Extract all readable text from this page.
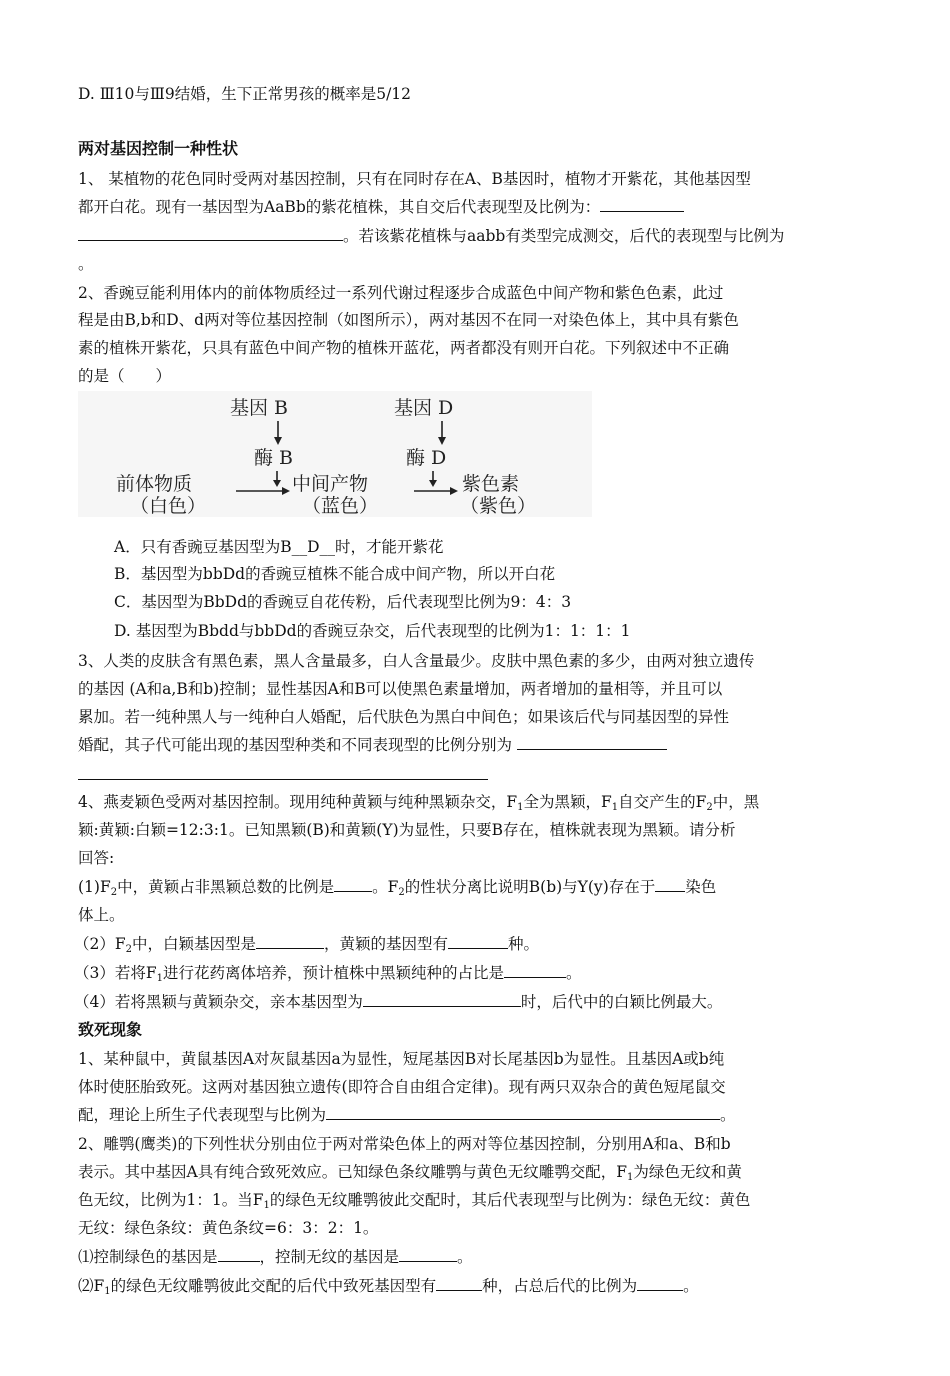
D. Ⅲ10与Ⅲ9结婚，生下正常男孩的概率是5/12
两对基因控制一种性状
1、 某植物的花色同时受两对基因控制，只有在同时存在A、B基因时，植物才开紫花，其他基因型
都开白花。现有一基因型为AaBb的紫花植株，其自交后代表现型及比例为：
。若该紫花植株与aabb有类型完成测交，后代的表现型与比例为
。
2、香豌豆能利用体内的前体物质经过一系列代谢过程逐步合成蓝色中间产物和紫色色素，此过
程是由B,b和D、d两对等位基因控制（如图所示），两对基因不在同一对染色体上，其中具有紫色
素的植株开紫花，只具有蓝色中间产物的植株开蓝花，两者都没有则开白花。下列叙述中不正确
的是（　　）
基因 B	基因 D
酶 B	酶 D
前体物质	中间产物	紫色素
（白色）	（蓝色）	（紫色）
A．只有香豌豆基因型为B__D__时，才能开紫花
B．基因型为bbDd的香豌豆植株不能合成中间产物，所以开白花
C．基因型为BbDd的香豌豆自花传粉，后代表现型比例为9：4：3
D. 基因型为Bbdd与bbDd的香豌豆杂交，后代表现型的比例为1：1：1：1
3、人类的皮肤含有黑色素，黑人含量最多，白人含量最少。皮肤中黑色素的多少，由两对独立遗传
的基因 (A和a,B和b)控制；显性基因A和B可以使黑色素量增加，两者增加的量相等，并且可以
累加。若一纯种黑人与一纯种白人婚配，后代肤色为黑白中间色；如果该后代与同基因型的异性
婚配，其子代可能出现的基因型种类和不同表现型的比例分别为
4、燕麦颖色受两对基因控制。现用纯种黄颖与纯种黑颖杂交，$F_1$全为黑颖，$F_1$自交产生的$F_2$中，黑
颖:黄颖:白颖=12:3:1。已知黑颖(B)和黄颖(Y)为显性，只要B存在，植株就表现为黑颖。请分析
回答:
$(1)F_2$中，黄颖占非黑颖总数的比例是 。$F_2$的性状分离比说明B(b)与Y(y)存在于 染色
体上。
$(2)F_2$中，白颖基因型是	，黄颖的基因型有	种。
（3）若将$F_1$进行花药离体培养，预计植株中黑颖纯种的占比是	。
（4）若将黑颖与黄颖杂交，亲本基因型为	时，后代中的白颖比例最大。
致死现象
1、某种鼠中，黄鼠基因A对灰鼠基因a为显性，短尾基因B对长尾基因b为显性。且基因A或b纯
体时使胚胎致死。这两对基因独立遗传(即符合自由组合定律)。现有两只双杂合的黄色短尾鼠交
配，理论上所生子代表现型与比例为	。
2、雕鹗(鹰类)的下列性状分别由位于两对常染色体上的两对等位基因控制，分别用A和a、B和b
表示。其中基因A具有纯合致死效应。已知绿色条纹雕鹗与黄色无纹雕鹗交配，$F_1$为绿色无纹和黄
色无纹，比例为1：1。当$F_1$的绿色无纹雕鹗彼此交配时，其后代表现型与比例为：绿色无纹：黄色
无纹：绿色条纹：黄色条纹=6：3：2：1。
⑴控制绿色的基因是	，控制无纹的基因是	。
$⑵F_1$的绿色无纹雕鹗彼此交配的后代中致死基因型有	种，占总后代的比例为	。
